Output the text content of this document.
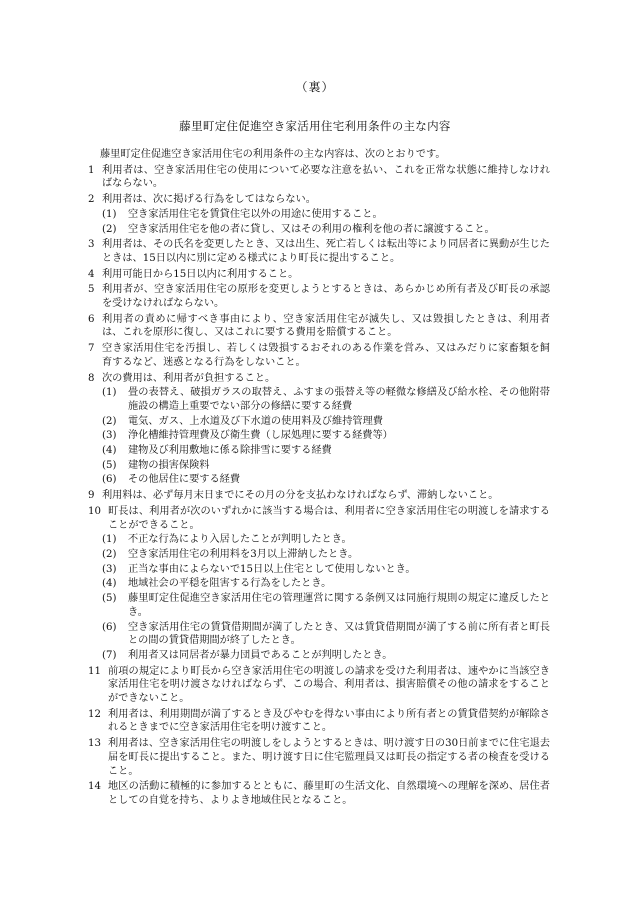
（裏）
藤里町定住促進空き家活用住宅利用条件の主な内容
藤里町定住促進空き家活用住宅の利用条件の主な内容は、次のとおりです。
1 利用者は、空き家活用住宅の使用について必要な注意を払い、これを正常な状態に維持しなければならない。
2 利用者は、次に掲げる行為をしてはならない。
(1)	空き家活用住宅を賃貸住宅以外の用途に使用すること。
(2)	空き家活用住宅を他の者に貸し、又はその利用の権利を他の者に譲渡すること。
3 利用者は、その氏名を変更したとき、又は出生、死亡若しくは転出等により同居者に異動が生じたときは、15日以内に別に定める様式により町長に提出すること。
4 利用可能日から15日以内に利用すること。
5 利用者が、空き家活用住宅の原形を変更しようとするときは、あらかじめ所有者及び町長の承認を受けなければならない。
6 利用者の責めに帰すべき事由により、空き家活用住宅が滅失し、又は毀損したときは、利用者は、これを原形に復し、又はこれに要する費用を賠償すること。
7 空き家活用住宅を汚損し、若しくは毀損するおそれのある作業を営み、又はみだりに家畜類を飼育するなど、迷惑となる行為をしないこと。
8 次の費用は、利用者が負担すること。
(1)	畳の表替え、破損ガラスの取替え、ふすまの張替え等の軽微な修繕及び給水栓、その他附帯施設の構造上重要でない部分の修繕に要する経費
(2)	電気、ガス、上水道及び下水道の使用料及び維持管理費
(3)	浄化槽維持管理費及び衛生費（し尿処理に要する経費等）
(4)	建物及び利用敷地に係る除排雪に要する経費
(5)	建物の損害保険料
(6)	その他居住に要する経費
9 利用料は、必ず毎月末日までにその月の分を支払わなければならず、滞納しないこと。
10 町長は、利用者が次のいずれかに該当する場合は、利用者に空き家活用住宅の明渡しを請求することができること。
(1)	不正な行為により入居したことが判明したとき。
(2)	空き家活用住宅の利用料を3月以上滞納したとき。
(3)	正当な事由によらないで15日以上住宅として使用しないとき。
(4)	地域社会の平穏を阻害する行為をしたとき。
(5)	藤里町定住促進空き家活用住宅の管理運営に関する条例又は同施行規則の規定に違反したとき。
(6)	空き家活用住宅の賃貸借期間が満了したとき、又は賃貸借期間が満了する前に所有者と町長との間の賃貸借期間が終了したとき。
(7)	利用者又は同居者が暴力団員であることが判明したとき。
11 前項の規定により町長から空き家活用住宅の明渡しの請求を受けた利用者は、速やかに当該空き家活用住宅を明け渡さなければならず、この場合、利用者は、損害賠償その他の請求をすることができないこと。
12 利用者は、利用期間が満了するとき及びやむを得ない事由により所有者との賃貸借契約が解除されるときまでに空き家活用住宅を明け渡すこと。
13 利用者は、空き家活用住宅の明渡しをしようとするときは、明け渡す日の30日前までに住宅退去届を町長に提出すること。また、明け渡す日に住宅監理員又は町長の指定する者の検査を受けること。
14 地区の活動に積極的に参加するとともに、藤里町の生活文化、自然環境への理解を深め、居住者としての自覚を持ち、よりよき地域住民となること。
